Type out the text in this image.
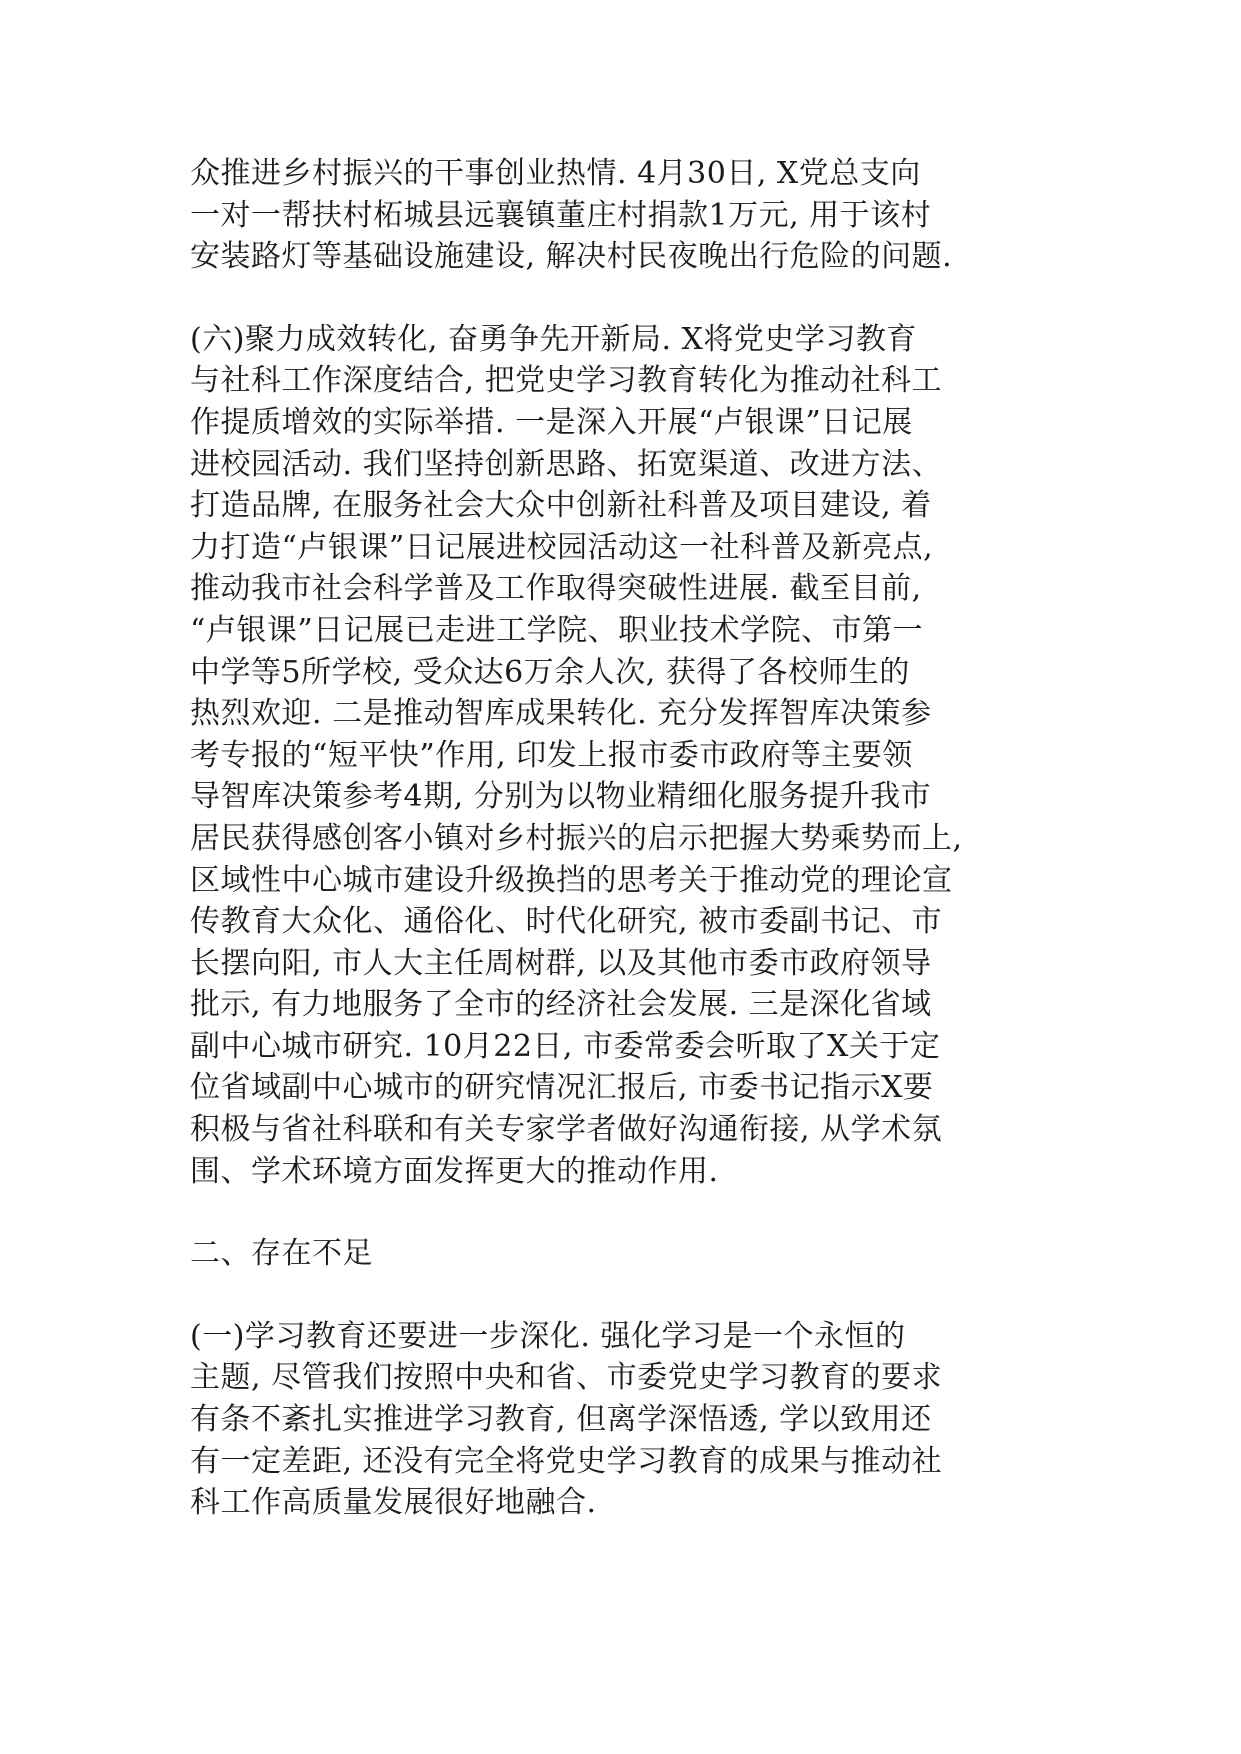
众推进乡村振兴的干事创业热情. 4月30日, X党总支向
一对一帮扶村柘城县远襄镇董庄村捐款1万元, 用于该村
安装路灯等基础设施建设, 解决村民夜晚出行危险的问题.

(六)聚力成效转化, 奋勇争先开新局. X将党史学习教育
与社科工作深度结合, 把党史学习教育转化为推动社科工
作提质增效的实际举措. 一是深入开展“卢银课”日记展
进校园活动. 我们坚持创新思路、拓宽渠道、改进方法、
打造品牌, 在服务社会大众中创新社科普及项目建设, 着
力打造“卢银课”日记展进校园活动这一社科普及新亮点,
推动我市社会科学普及工作取得突破性进展. 截至目前,
“卢银课”日记展已走进工学院、职业技术学院、市第一
中学等5所学校, 受众达6万余人次, 获得了各校师生的
热烈欢迎. 二是推动智库成果转化. 充分发挥智库决策参
考专报的“短平快”作用, 印发上报市委市政府等主要领
导智库决策参考4期, 分别为以物业精细化服务提升我市
居民获得感创客小镇对乡村振兴的启示把握大势乘势而上,
区域性中心城市建设升级换挡的思考关于推动党的理论宣
传教育大众化、通俗化、时代化研究, 被市委副书记、市
长摆向阳, 市人大主任周树群, 以及其他市委市政府领导
批示, 有力地服务了全市的经济社会发展. 三是深化省域
副中心城市研究. 10月22日, 市委常委会听取了X关于定
位省域副中心城市的研究情况汇报后, 市委书记指示X要
积极与省社科联和有关专家学者做好沟通衔接, 从学术氛
围、学术环境方面发挥更大的推动作用.

二、存在不足

(一)学习教育还要进一步深化. 强化学习是一个永恒的
主题, 尽管我们按照中央和省、市委党史学习教育的要求
有条不紊扎实推进学习教育, 但离学深悟透, 学以致用还
有一定差距, 还没有完全将党史学习教育的成果与推动社
科工作高质量发展很好地融合.
